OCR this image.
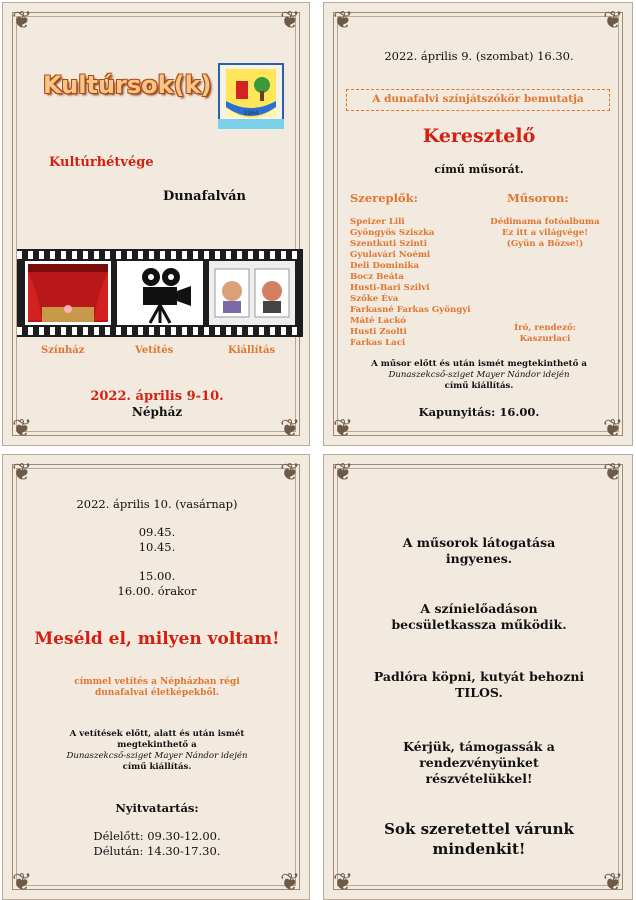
❦	❦
❦	❦
Kultúrsok(k)
1964
Kultúrhétvége
Dunafalván
Színház	Vetítés	Kiállítás
2022. április 9-10.
Népház
❦	❦
❦	❦
2022. április 9. (szombat) 16.30.
A dunafalvi színjátszókör bemutatja
Keresztelő
című műsorát.
Szereplők:	Műsoron:
Speizer Lili
Gyöngyös Sziszka
Szentkuti Szinti
Gyulavári Noémi
Deli Dominika
Bocz Beáta
Husti-Bari Szilvi
Szőke Éva
Farkasné Farkas Gyöngyi
Máté Lackó
Husti Zsolti
Farkas Laci
Dédimama fotóalbuma
Ez itt a világvége!
(Gyün a Bözse!)
Író, rendező:
Kaszurlaci
A műsor előtt és után ismét megtekinthető a
Dunaszekcső-sziget Mayer Nándor idején
című kiállítás.
Kapunyitás: 16.00.
❦	❦
❦	❦
2022. április 10. (vasárnap)
09.45.
10.45.
15.00.
16.00. órakor
Meséld el, milyen voltam!
címmel vetítés a Népházban régi
dunafalvai életképekből.
A vetítések előtt, alatt és után ismét
megtekinthető a
Dunaszekcső-sziget Mayer Nándor idején
című kiállítás.
Nyitvatartás:
Délelőtt: 09.30-12.00.
Délután: 14.30-17.30.
❦	❦
❦	❦
A műsorok látogatása
ingyenes.
A színielőadáson
becsületkassza működik.
Padlóra köpni, kutyát behozni
TILOS.
Kérjük, támogassák a
rendezvényünket
részvételükkel!
Sok szeretettel várunk
mindenkit!
